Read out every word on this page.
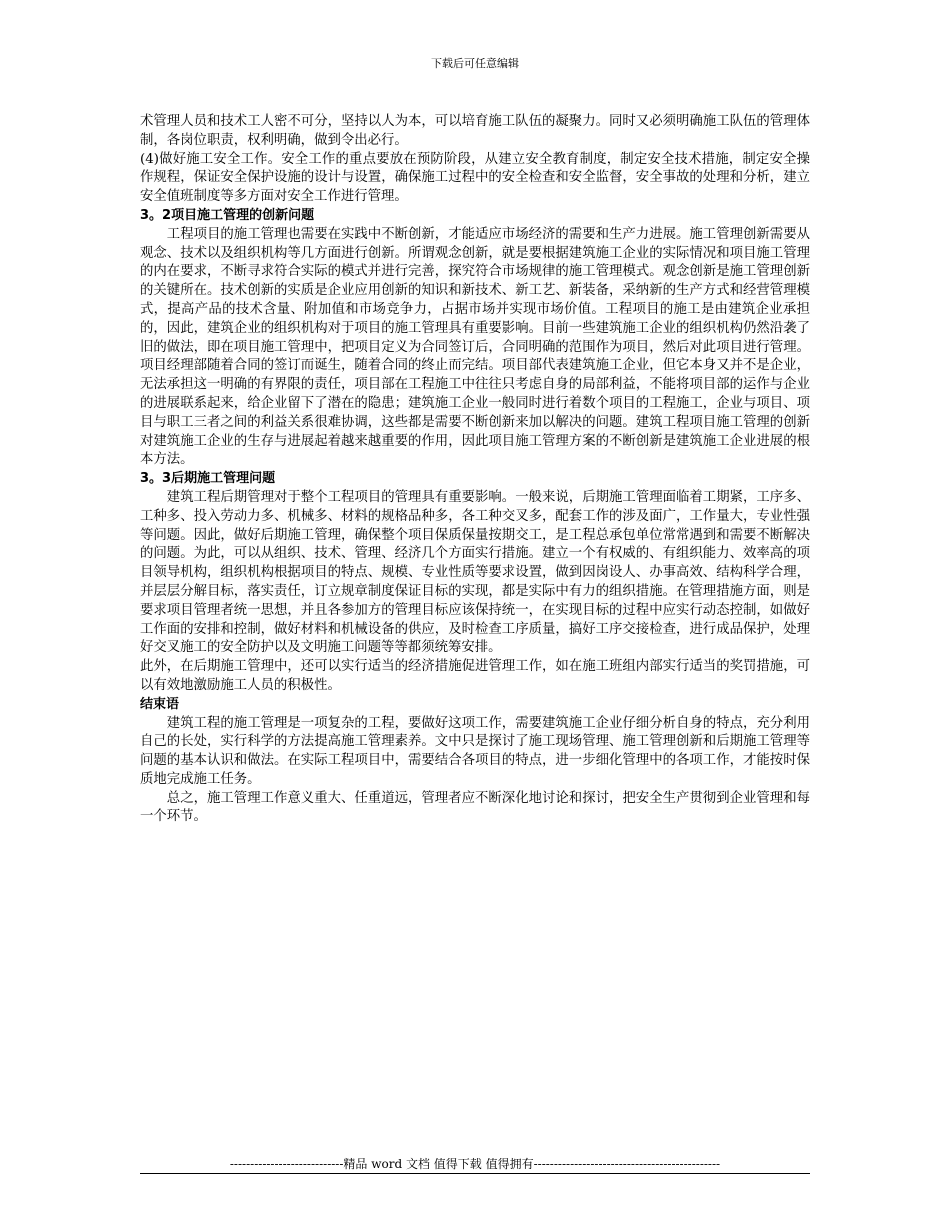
下载后可任意编辑

术管理人员和技术工人密不可分，坚持以人为本，可以培育施工队伍的凝聚力。同时又必须明确施工队伍的管理体制，各岗位职责，权利明确，做到令出必行。

(4)做好施工安全工作。安全工作的重点要放在预防阶段，从建立安全教育制度，制定安全技术措施，制定安全操作规程，保证安全保护设施的设计与设置，确保施工过程中的安全检查和安全监督，安全事故的处理和分析，建立安全值班制度等多方面对安全工作进行管理。

3。2项目施工管理的创新问题

工程项目的施工管理也需要在实践中不断创新，才能适应市场经济的需要和生产力进展。施工管理创新需要从观念、技术以及组织机构等几方面进行创新。所谓观念创新，就是要根据建筑施工企业的实际情况和项目施工管理的内在要求，不断寻求符合实际的模式并进行完善，探究符合市场规律的施工管理模式。观念创新是施工管理创新的关键所在。技术创新的实质是企业应用创新的知识和新技术、新工艺、新装备，采纳新的生产方式和经营管理模式，提高产品的技术含量、附加值和市场竞争力，占据市场并实现市场价值。工程项目的施工是由建筑企业承担的，因此，建筑企业的组织机构对于项目的施工管理具有重要影响。目前一些建筑施工企业的组织机构仍然沿袭了旧的做法，即在项目施工管理中，把项目定义为合同签订后，合同明确的范围作为项目，然后对此项目进行管理。项目经理部随着合同的签订而诞生，随着合同的终止而完结。项目部代表建筑施工企业，但它本身又并不是企业，无法承担这一明确的有界限的责任，项目部在工程施工中往往只考虑自身的局部利益，不能将项目部的运作与企业的进展联系起来，给企业留下了潜在的隐患；建筑施工企业一般同时进行着数个项目的工程施工，企业与项目、项目与职工三者之间的利益关系很难协调，这些都是需要不断创新来加以解决的问题。建筑工程项目施工管理的创新对建筑施工企业的生存与进展起着越来越重要的作用，因此项目施工管理方案的不断创新是建筑施工企业进展的根本方法。

3。3后期施工管理问题

建筑工程后期管理对于整个工程项目的管理具有重要影响。一般来说，后期施工管理面临着工期紧，工序多、工种多、投入劳动力多、机械多、材料的规格品种多，各工种交叉多，配套工作的涉及面广，工作量大，专业性强等问题。因此，做好后期施工管理，确保整个项目保质保量按期交工，是工程总承包单位常常遇到和需要不断解决的问题。为此，可以从组织、技术、管理、经济几个方面实行措施。建立一个有权威的、有组织能力、效率高的项目领导机构，组织机构根据项目的特点、规模、专业性质等要求设置，做到因岗设人、办事高效、结构科学合理，并层层分解目标，落实责任，订立规章制度保证目标的实现，都是实际中有力的组织措施。在管理措施方面，则是要求项目管理者统一思想，并且各参加方的管理目标应该保持统一，在实现目标的过程中应实行动态控制，如做好工作面的安排和控制，做好材料和机械设备的供应，及时检查工序质量，搞好工序交接检查，进行成品保护，处理好交叉施工的安全防护以及文明施工问题等等都须统筹安排。

此外，在后期施工管理中，还可以实行适当的经济措施促进管理工作，如在施工班组内部实行适当的奖罚措施，可以有效地激励施工人员的积极性。

结束语

建筑工程的施工管理是一项复杂的工程，要做好这项工作，需要建筑施工企业仔细分析自身的特点，充分利用自己的长处，实行科学的方法提高施工管理素养。文中只是探讨了施工现场管理、施工管理创新和后期施工管理等问题的基本认识和做法。在实际工程项目中，需要结合各项目的特点，进一步细化管理中的各项工作，才能按时保质地完成施工任务。

总之，施工管理工作意义重大、任重道远，管理者应不断深化地讨论和探讨，把安全生产贯彻到企业管理和每一个环节。

----------------------------精品 word 文档 值得下载 值得拥有----------------------------------------------
